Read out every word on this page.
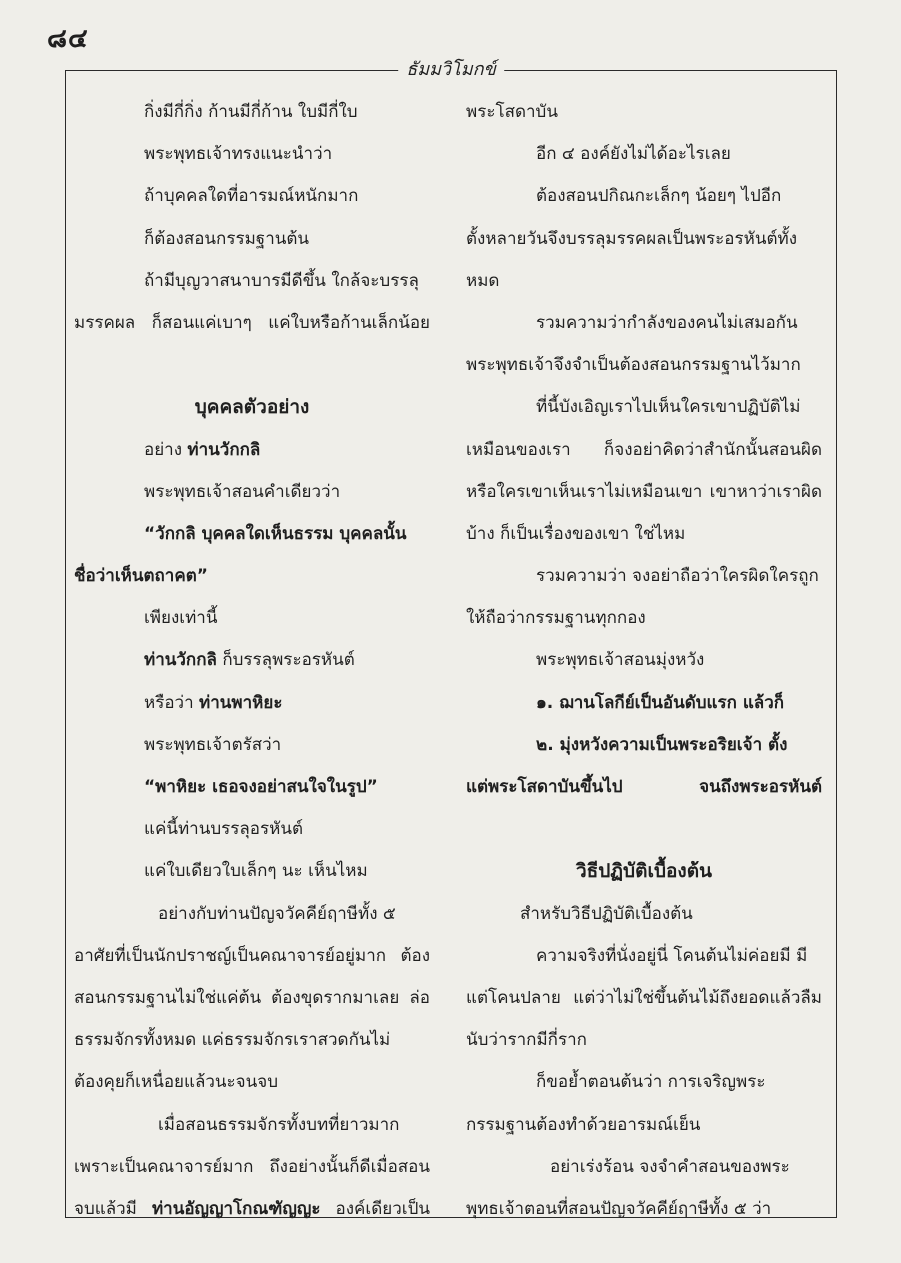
๘๔
ธัมมวิโมกข์
กิ่งมีกี่กิ่ง ก้านมีกี่ก้าน ใบมีกี่ใบ
พระพุทธเจ้าทรงแนะนำว่า
ถ้าบุคคลใดที่อารมณ์หนักมาก
ก็ต้องสอนกรรมฐานต้น
ถ้ามีบุญวาสนาบารมีดีขึ้น ใกล้จะบรรลุ
มรรคผล ก็สอนแค่เบาๆ แค่ใบหรือก้านเล็กน้อย
บุคคลตัวอย่าง
อย่าง ท่านวักกลิ
พระพุทธเจ้าสอนคำเดียวว่า
“วักกลิ บุคคลใดเห็นธรรม บุคคลนั้น
ชื่อว่าเห็นตถาคต”
เพียงเท่านี้
ท่านวักกลิ ก็บรรลุพระอรหันต์
หรือว่า ท่านพาหิยะ
พระพุทธเจ้าตรัสว่า
“พาหิยะ เธอจงอย่าสนใจในรูป”
แค่นี้ท่านบรรลุอรหันต์
แค่ใบเดียวใบเล็กๆ นะ เห็นไหม
อย่างกับท่านปัญจวัคคีย์ฤาษีทั้ง ๕
อาศัยที่เป็นนักปราชญ์เป็นคณาจารย์อยู่มาก ต้อง
สอนกรรมฐานไม่ใช่แค่ต้น ต้องขุดรากมาเลย ล่อ
ธรรมจักรทั้งหมด แค่ธรรมจักรเราสวดกันไม่
ต้องคุยก็เหนื่อยแล้วนะจนจบ
เมื่อสอนธรรมจักรทั้งบทที่ยาวมาก
เพราะเป็นคณาจารย์มาก ถึงอย่างนั้นก็ดีเมื่อสอน
จบแล้วมี ท่านอัญญาโกณฑัญญะ องค์เดียวเป็น
พระโสดาบัน
อีก ๔ องค์ยังไม่ได้อะไรเลย
ต้องสอนปกิณกะเล็กๆ น้อยๆ ไปอีก
ตั้งหลายวันจึงบรรลุมรรคผลเป็นพระอรหันต์ทั้ง
หมด
รวมความว่ากำลังของคนไม่เสมอกัน
พระพุทธเจ้าจึงจำเป็นต้องสอนกรรมฐานไว้มาก
ที่นี้บังเอิญเราไปเห็นใครเขาปฏิบัติไม่
เหมือนของเรา ก็จงอย่าคิดว่าสำนักนั้นสอนผิด
หรือใครเขาเห็นเราไม่เหมือนเขา เขาหาว่าเราผิด
บ้าง ก็เป็นเรื่องของเขา ใช่ไหม
รวมความว่า จงอย่าถือว่าใครผิดใครถูก
ให้ถือว่ากรรมฐานทุกกอง
พระพุทธเจ้าสอนมุ่งหวัง
๑. ฌานโลกีย์เป็นอันดับแรก แล้วก็
๒. มุ่งหวังความเป็นพระอริยเจ้า ตั้ง
แต่พระโสดาบันขึ้นไป จนถึงพระอรหันต์
วิธีปฏิบัติเบื้องต้น
สำหรับวิธีปฏิบัติเบื้องต้น
ความจริงที่นั่งอยู่นี่ โคนต้นไม่ค่อยมี มี
แต่โคนปลาย แต่ว่าไม่ใช่ขึ้นต้นไม้ถึงยอดแล้วลืม
นับว่ารากมีกี่ราก
ก็ขอย้ำตอนต้นว่า การเจริญพระ
กรรมฐานต้องทำด้วยอารมณ์เย็น
อย่าเร่งร้อน จงจำคำสอนของพระ
พุทธเจ้าตอนที่สอนปัญจวัคคีย์ฤาษีทั้ง ๕ ว่า
